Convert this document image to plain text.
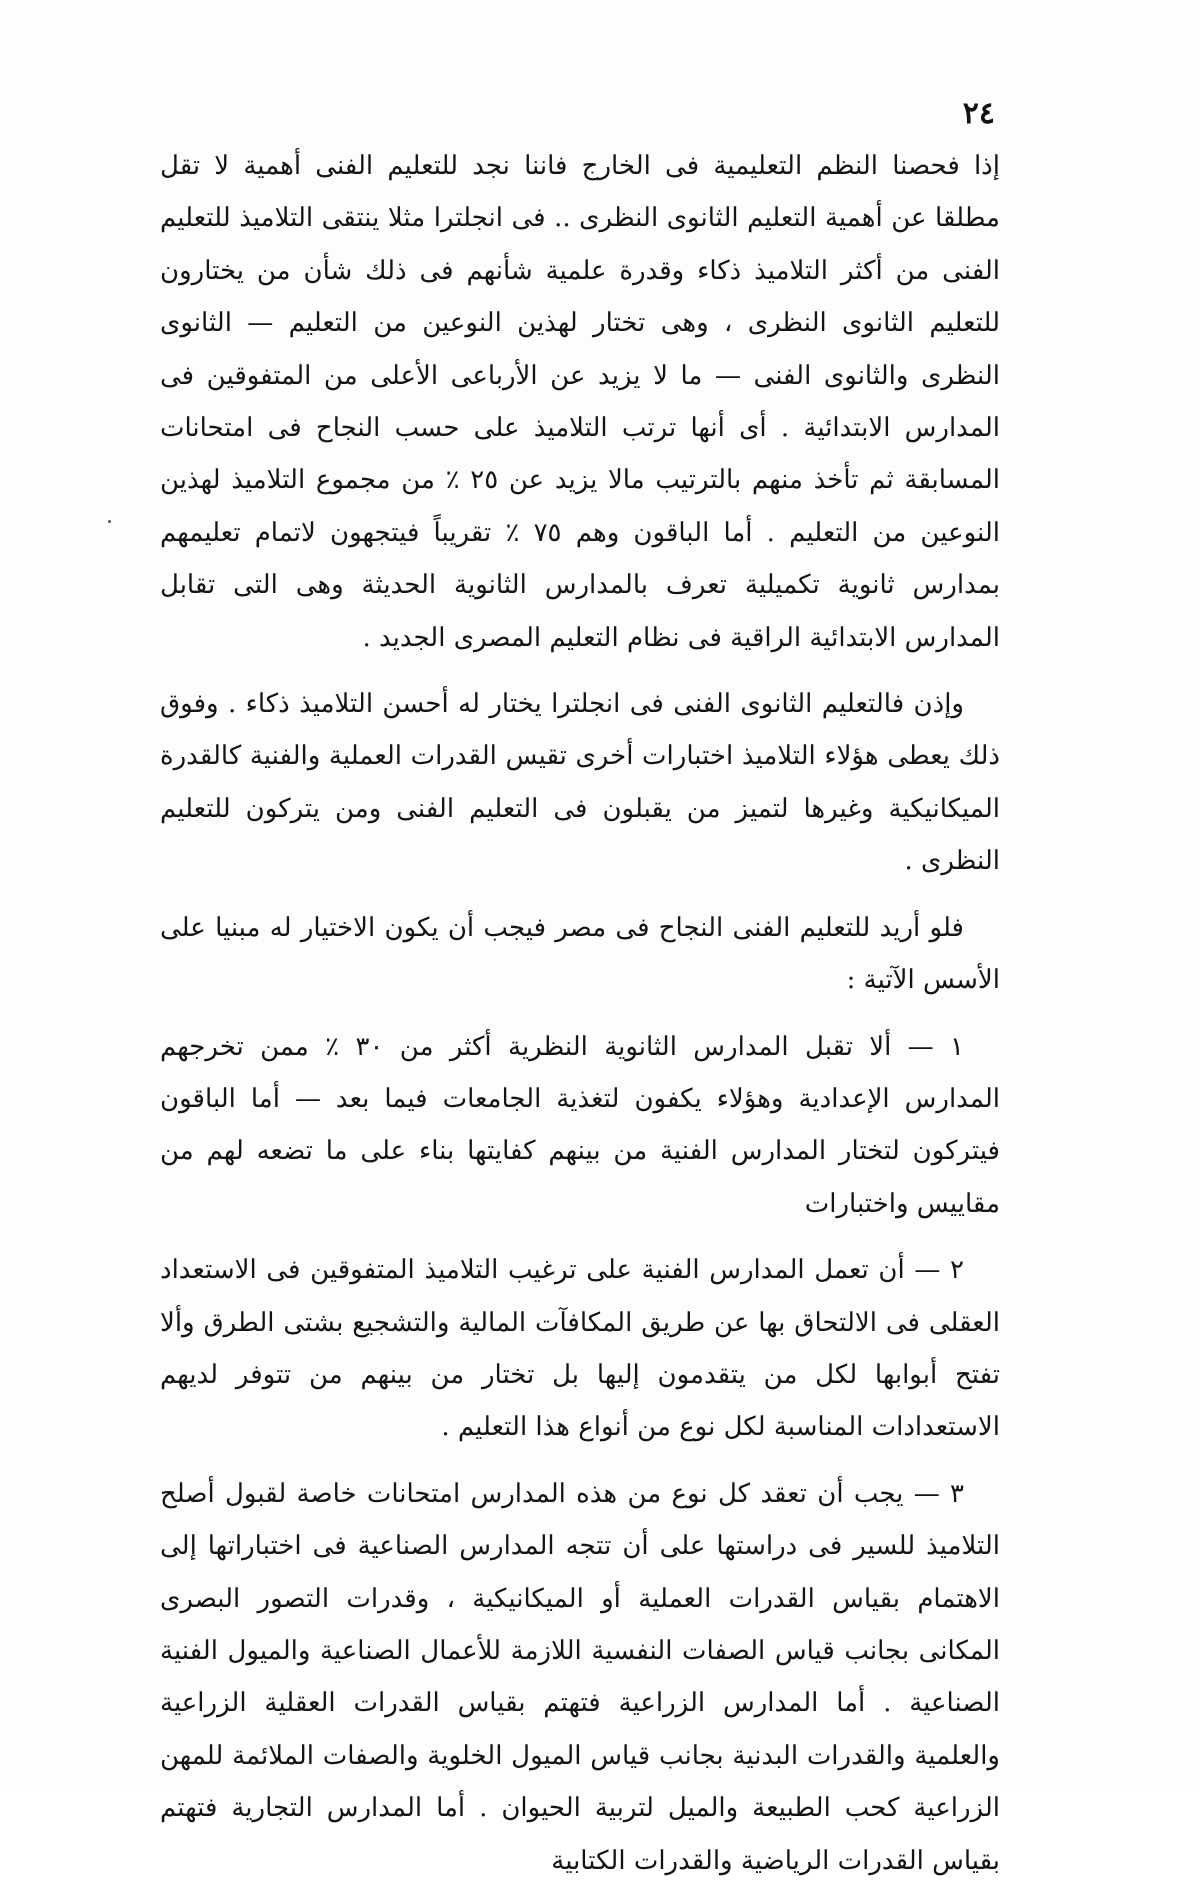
٢٤

إذا فحصنا النظم التعليمية فى الخارج فاننا نجد للتعليم الفنى أهمية لا تقل مطلقا عن أهمية التعليم الثانوى النظرى .. فى انجلترا مثلا ينتقى التلاميذ للتعليم الفنى من أكثر التلاميذ ذكاء وقدرة علمية شأنهم فى ذلك شأن من يختارون للتعليم الثانوى النظرى ، وهى تختار لهذين النوعين من التعليم — الثانوى النظرى والثانوى الفنى — ما لا يزيد عن الأرباعى الأعلى من المتفوقين فى المدارس الابتدائية . أى أنها ترتب التلاميذ على حسب النجاح فى امتحانات المسابقة ثم تأخذ منهم بالترتيب مالا يزيد عن ٢٥ ٪ من مجموع التلاميذ لهذين النوعين من التعليم . أما الباقون وهم ٧٥ ٪ تقريباً فيتجهون لاتمام تعليمهم بمدارس ثانوية تكميلية تعرف بالمدارس الثانوية الحديثة وهى التى تقابل المدارس الابتدائية الراقية فى نظام التعليم المصرى الجديد .

وإذن فالتعليم الثانوى الفنى فى انجلترا يختار له أحسن التلاميذ ذكاء . وفوق ذلك يعطى هؤلاء التلاميذ اختبارات أخرى تقيس القدرات العملية والفنية كالقدرة الميكانيكية وغيرها لتميز من يقبلون فى التعليم الفنى ومن يتركون للتعليم النظرى .

فلو أريد للتعليم الفنى النجاح فى مصر فيجب أن يكون الاختيار له مبنيا على الأسس الآتية :

١ — ألا تقبل المدارس الثانوية النظرية أكثر من ٣٠ ٪ ممن تخرجهم المدارس الإعدادية وهؤلاء يكفون لتغذية الجامعات فيما بعد — أما الباقون فيتركون لتختار المدارس الفنية من بينهم كفايتها بناء على ما تضعه لهم من مقاييس واختبارات

٢ — أن تعمل المدارس الفنية على ترغيب التلاميذ المتفوقين فى الاستعداد العقلى فى الالتحاق بها عن طريق المكافآت المالية والتشجيع بشتى الطرق وألا تفتح أبوابها لكل من يتقدمون إليها بل تختار من بينهم من تتوفر لديهم الاستعدادات المناسبة لكل نوع من أنواع هذا التعليم .

٣ — يجب أن تعقد كل نوع من هذه المدارس امتحانات خاصة لقبول أصلح التلاميذ للسير فى دراستها على أن تتجه المدارس الصناعية فى اختباراتها إلى الاهتمام بقياس القدرات العملية أو الميكانيكية ، وقدرات التصور البصرى المكانى بجانب قياس الصفات النفسية اللازمة للأعمال الصناعية والميول الفنية الصناعية . أما المدارس الزراعية فتهتم بقياس القدرات العقلية الزراعية والعلمية والقدرات البدنية بجانب قياس الميول الخلوية والصفات الملائمة للمهن الزراعية كحب الطبيعة والميل لتربية الحيوان . أما المدارس التجارية فتهتم بقياس القدرات الرياضية والقدرات الكتابية
